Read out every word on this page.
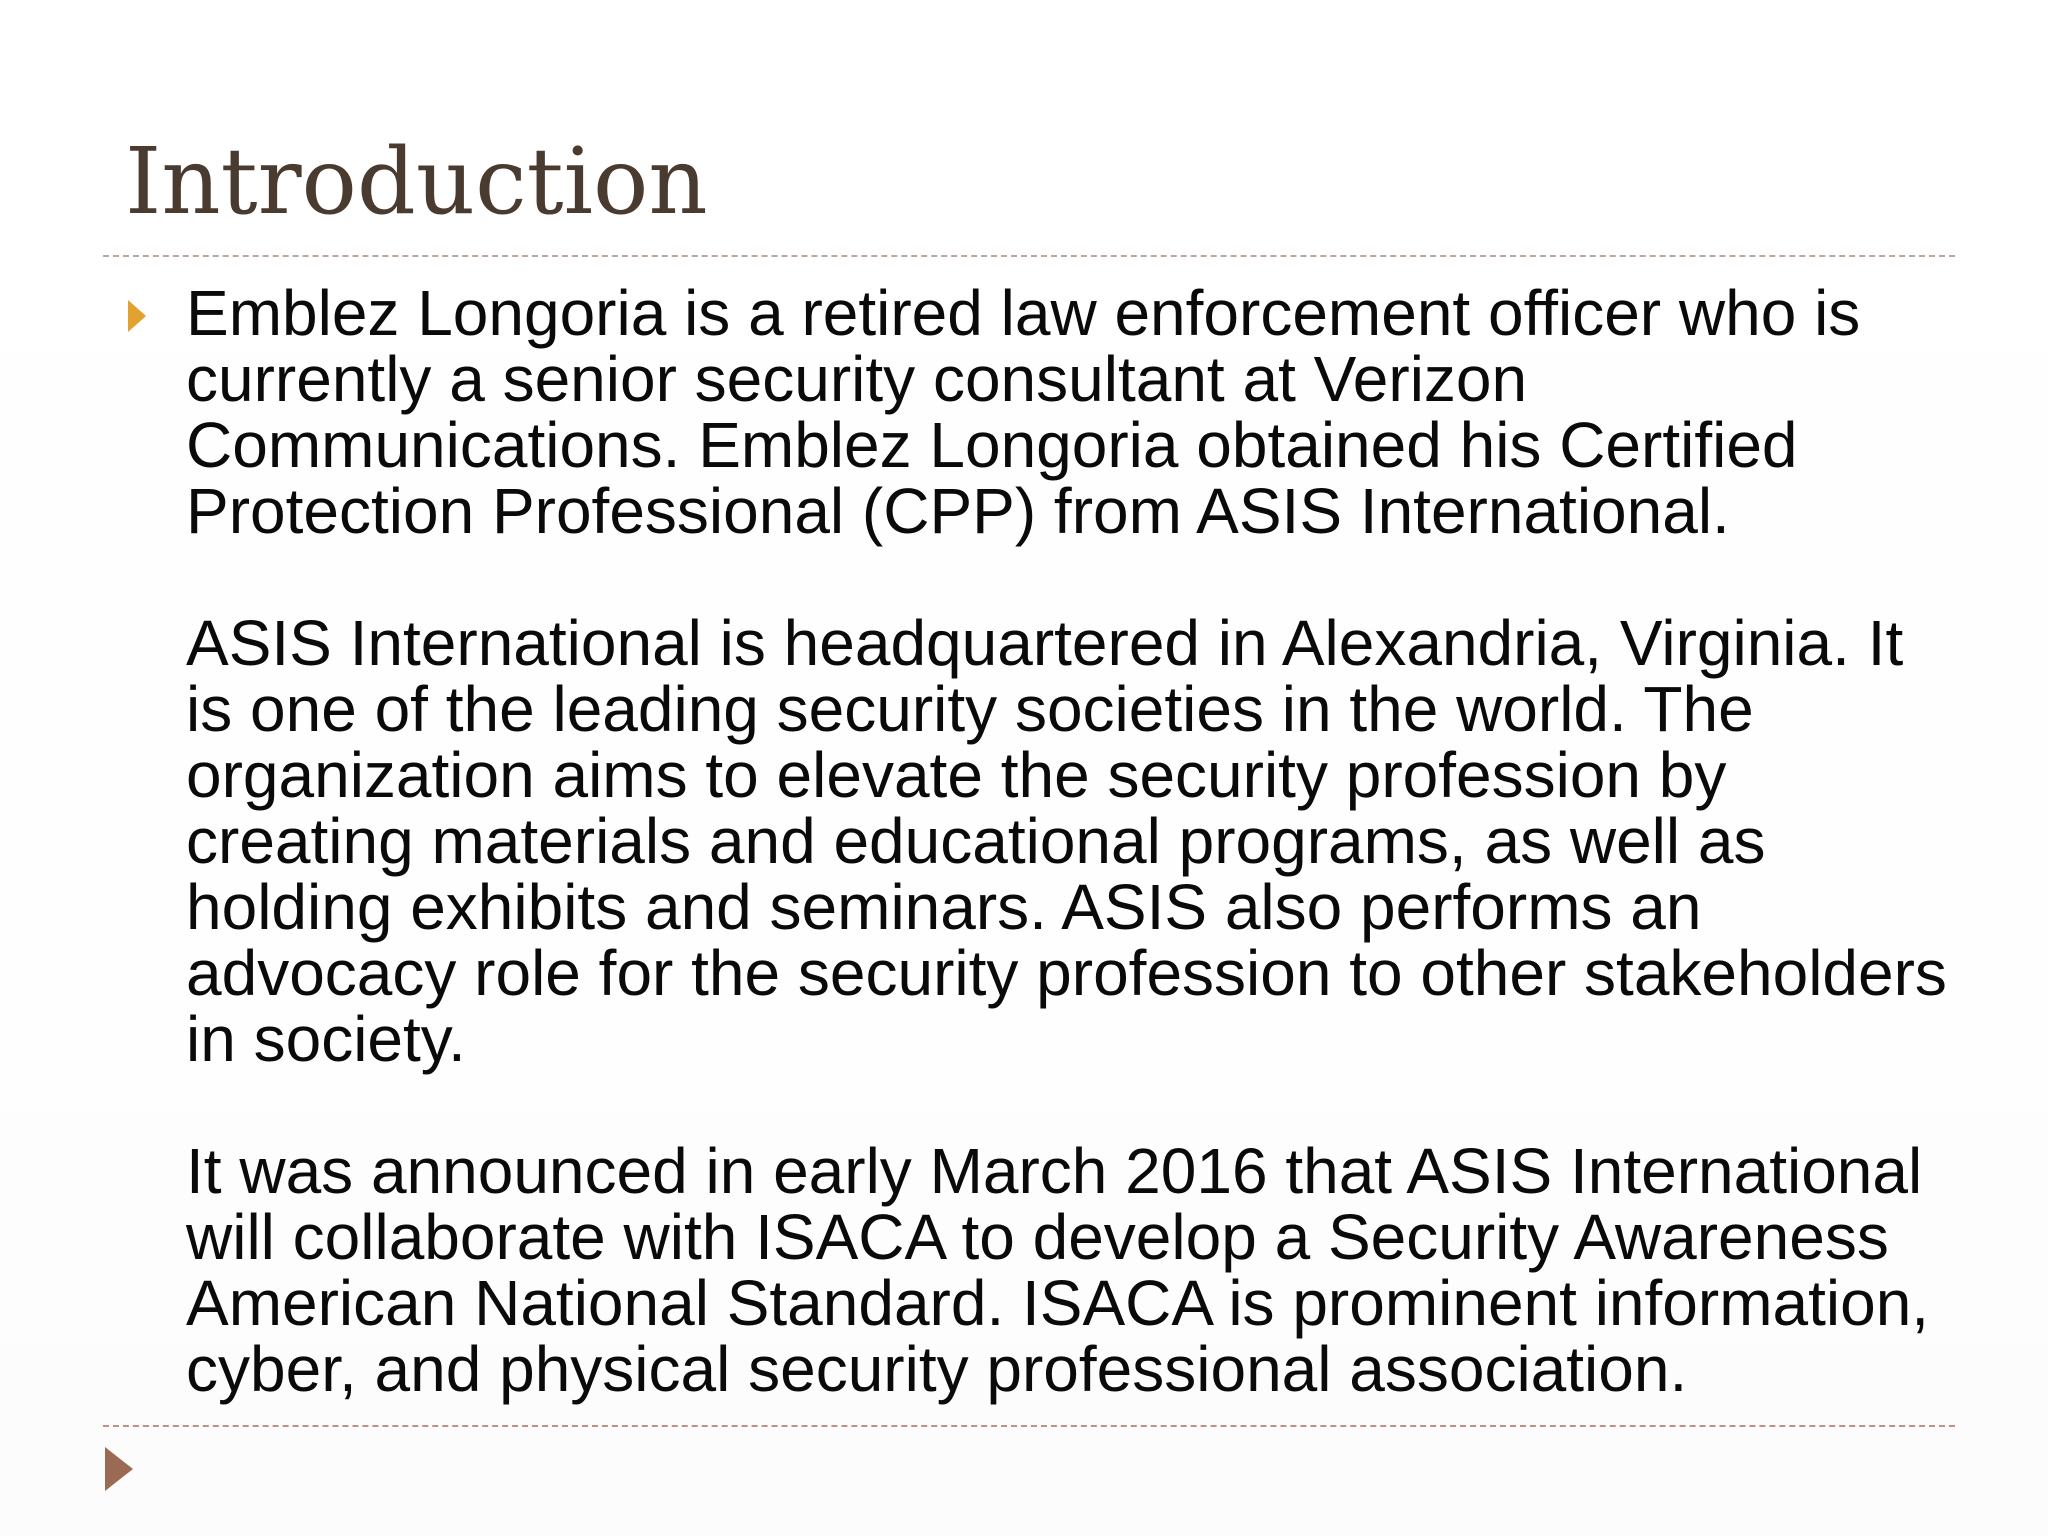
Introduction

Emblez Longoria is a retired law enforcement officer who is currently a senior security consultant at Verizon Communications. Emblez Longoria obtained his Certified Protection Professional (CPP) from ASIS International.

ASIS International is headquartered in Alexandria, Virginia. It is one of the leading security societies in the world. The organization aims to elevate the security profession by creating materials and educational programs, as well as holding exhibits and seminars. ASIS also performs an advocacy role for the security profession to other stakeholders in society.

It was announced in early March 2016 that ASIS International will collaborate with ISACA to develop a Security Awareness American National Standard. ISACA is prominent information, cyber, and physical security professional association.
